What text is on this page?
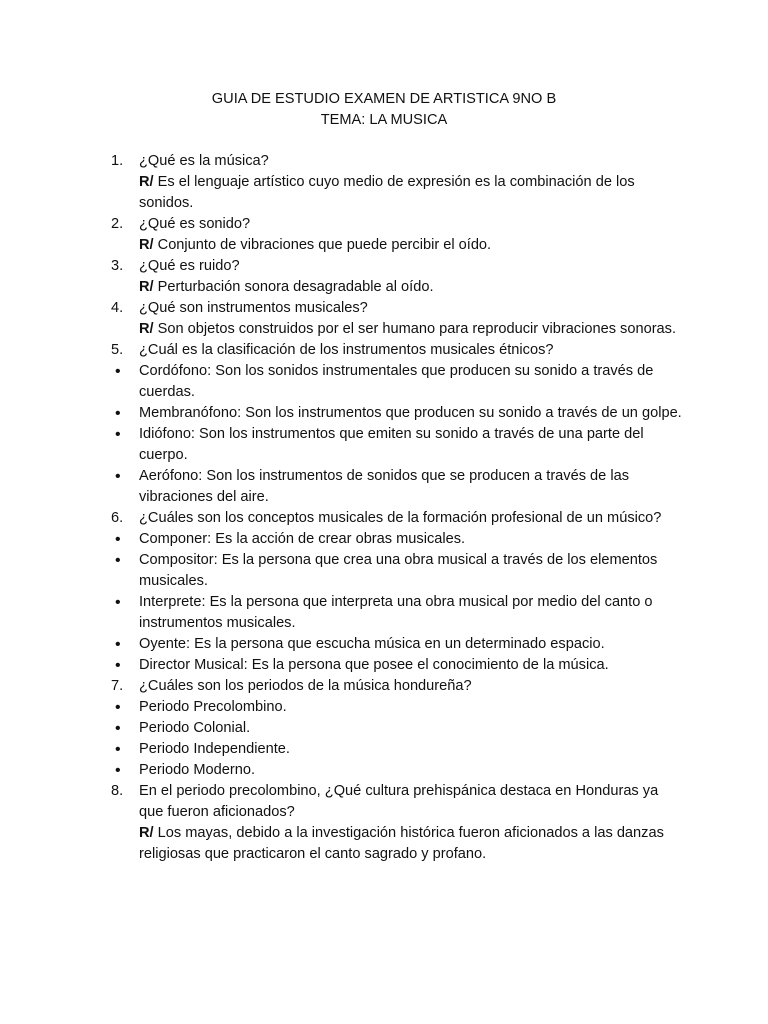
GUIA DE ESTUDIO EXAMEN DE ARTISTICA 9NO B
TEMA: LA MUSICA
1.	¿Qué es la música?
R/ Es el lenguaje artístico cuyo medio de expresión es la combinación de los sonidos.
2.	¿Qué es sonido?
R/ Conjunto de vibraciones que puede percibir el oído.
3.	¿Qué es ruido?
R/ Perturbación sonora desagradable al oído.
4.	¿Qué son instrumentos musicales?
R/ Son objetos construidos por el ser humano para reproducir vibraciones sonoras.
5.	¿Cuál es la clasificación de los instrumentos musicales étnicos?
•	Cordófono: Son los sonidos instrumentales que producen su sonido a través de cuerdas.
•	Membranófono: Son los instrumentos que producen su sonido a través de un golpe.
•	Idiófono: Son los instrumentos que emiten su sonido a través de una parte del cuerpo.
•	Aerófono: Son los instrumentos de sonidos que se producen a través de las vibraciones del aire.
6.	¿Cuáles son los conceptos musicales de la formación profesional de un músico?
•	Componer: Es la acción de crear obras musicales.
•	Compositor: Es la persona que crea una obra musical a través de los elementos musicales.
•	Interprete: Es la persona que interpreta una obra musical por medio del canto o instrumentos musicales.
•	Oyente: Es la persona que escucha música en un determinado espacio.
•	Director Musical: Es la persona que posee el conocimiento de la música.
7.	¿Cuáles son los periodos de la música hondureña?
•	Periodo Precolombino.
•	Periodo Colonial.
•	Periodo Independiente.
•	Periodo Moderno.
8.	En el periodo precolombino, ¿Qué cultura prehispánica destaca en Honduras ya que fueron aficionados?
R/ Los mayas, debido a la investigación histórica fueron aficionados a las danzas religiosas que practicaron el canto sagrado y profano.
